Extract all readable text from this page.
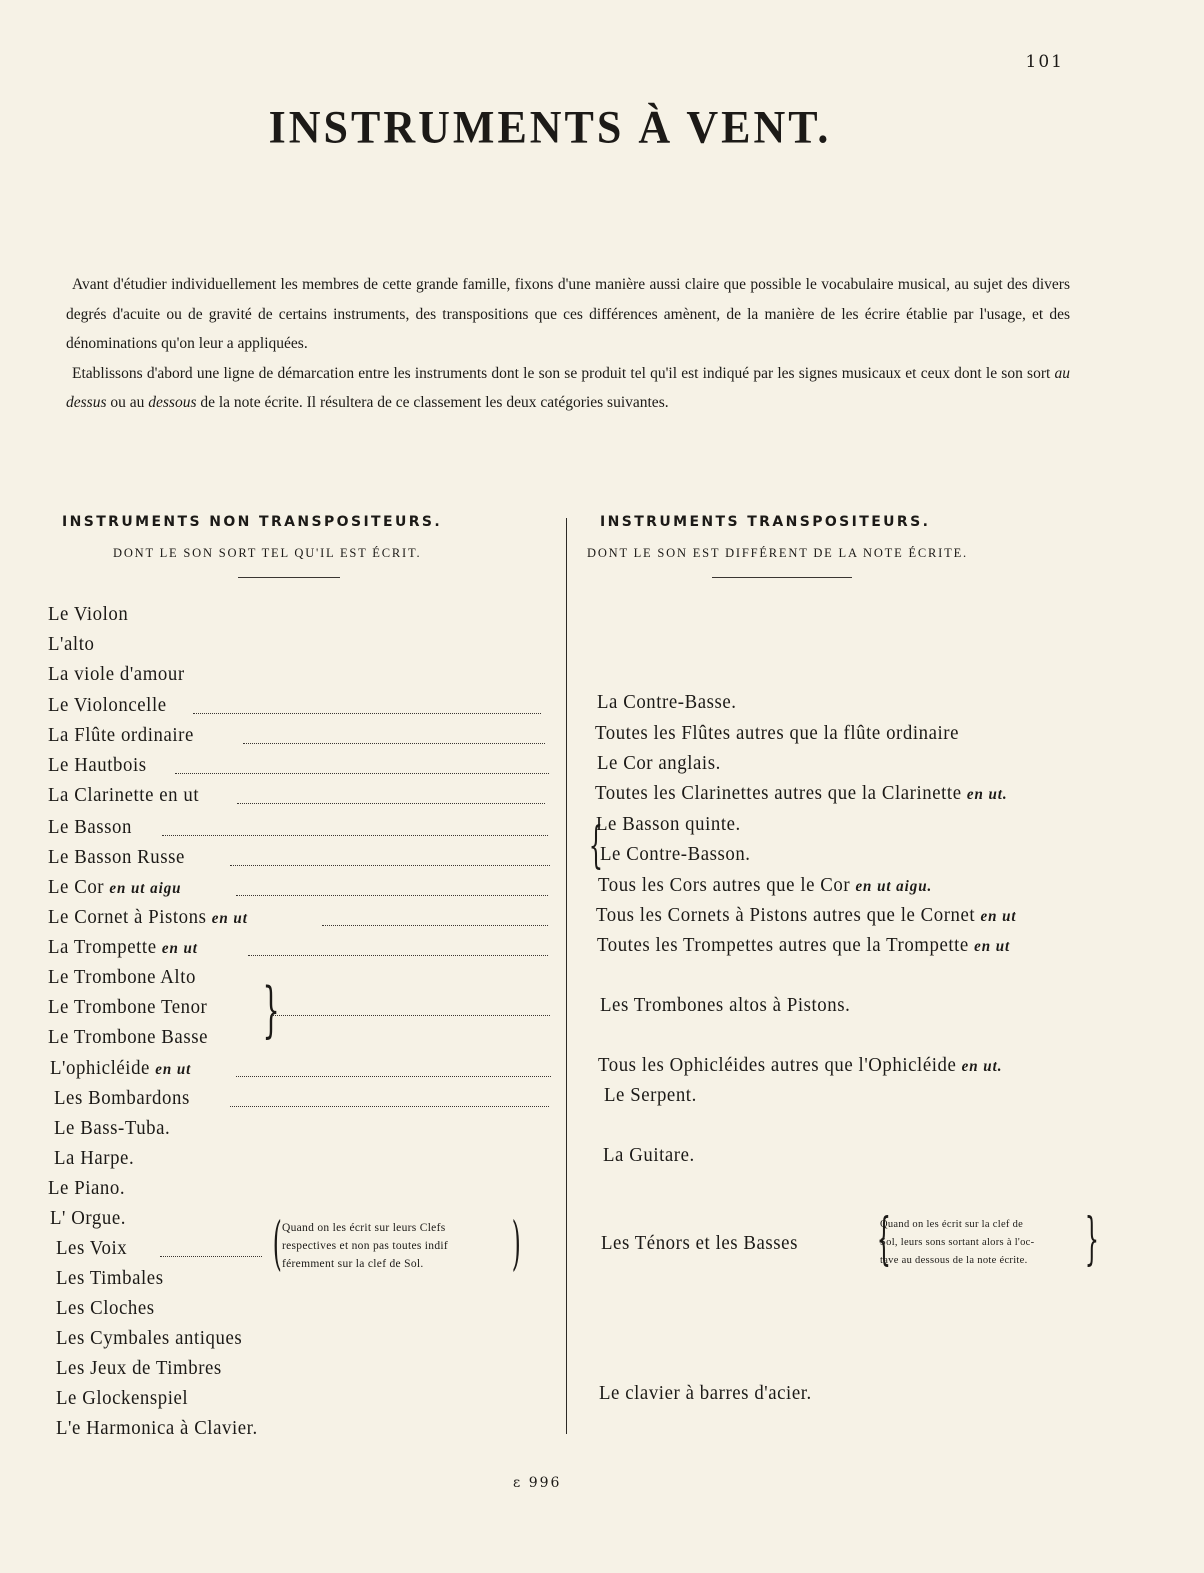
101
INSTRUMENTS À VENT.

Avant d'étudier individuellement les membres de cette grande famille, fixons d'une manière aussi claire que possible le vocabulaire musical, au sujet des divers degrés d'acuite ou de gravité de certains instruments, des transpositions que ces différences amènent, de la manière de les écrire établie par l'usage, et des dénominations qu'on leur a appliquées.

Etablissons d'abord une ligne de démarcation entre les instruments dont le son se produit tel qu'il est indiqué par les signes musicaux et ceux dont le son sort au dessus ou au dessous de la note écrite. Il résultera de ce classement les deux catégories suivantes.

INSTRUMENTS NON TRANSPOSITEURS.
DONT LE SON SORT TEL QU'IL EST ÉCRIT.
INSTRUMENTS TRANSPOSITEURS.
DONT LE SON EST DIFFÉRENT DE LA NOTE ÉCRITE.
Le Violon
L'alto
La viole d'amour
Le Violoncelle
La Flûte ordinaire
Le Hautbois
La Clarinette en ut
Le Basson
Le Basson Russe
Le Cor en ut aigu
Le Cornet à Pistons en ut
La Trompette en ut
Le Trombone Alto
Le Trombone Tenor
Le Trombone Basse
L'ophicléide en ut
Les Bombardons
Le Bass-Tuba.
La Harpe.
Le Piano.
L' Orgue.
Les Voix
Les Timbales
Les Cloches
Les Cymbales antiques
Les Jeux de Timbres
Le Glockenspiel
L'e Harmonica à Clavier.
La Contre-Basse.
Toutes les Flûtes autres que la flûte ordinaire
Le Cor anglais.
Toutes les Clarinettes autres que la Clarinette en ut.
Le Basson quinte.
Le Contre-Basson.
Tous les Cors autres que le Cor en ut aigu.
Tous les Cornets à Pistons autres que le Cornet en ut
Toutes les Trompettes autres que la Trompette en ut
Les Trombones altos à Pistons.
Tous les Ophicléides autres que l'Ophicléide en ut.
Le Serpent.
La Guitare.
Les Ténors et les Basses
Le clavier à barres d'acier.
}
{
( Quand on les écrit sur leurs Clefs
respectives et non pas toutes indif
féremment sur la clef de Sol.	)	{
Quand on les écrit sur la clef de
Sol, leurs sons sortant alors à l'oc-
tave au dessous de la note écrite. }
ɛ 996
